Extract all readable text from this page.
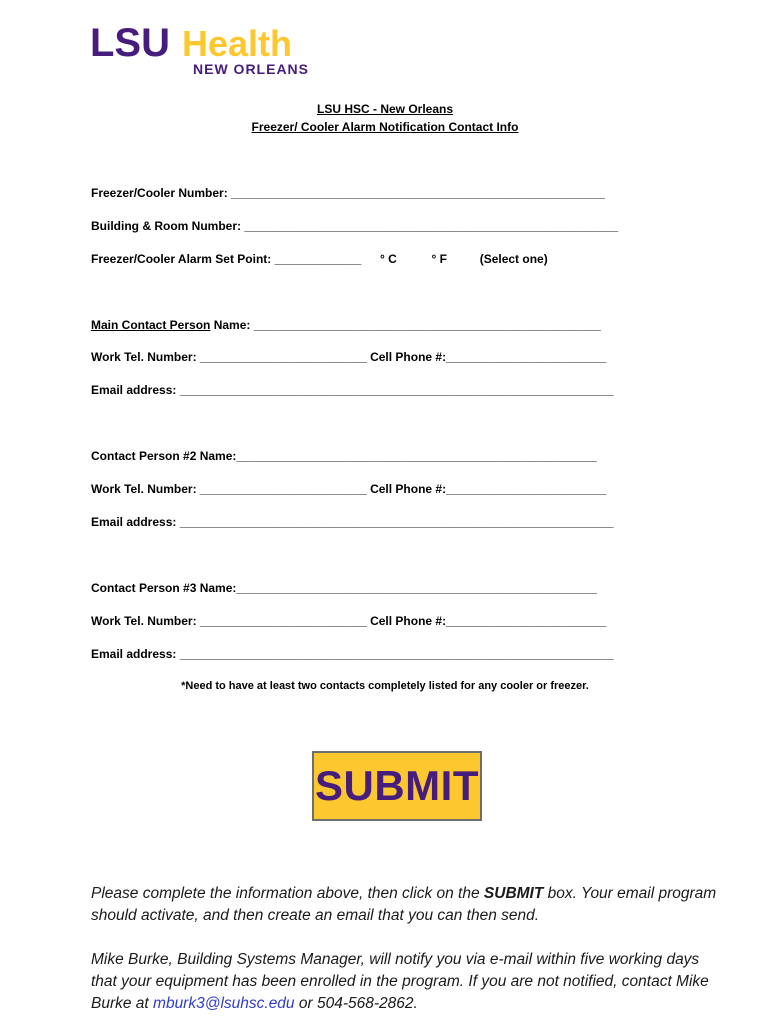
LSU Health
NEW ORLEANS
LSU HSC - New Orleans
Freezer/ Cooler Alarm Notification Contact Info
Freezer/Cooler Number: ________________________________________________________
Building & Room Number: ________________________________________________________
Freezer/Cooler Alarm Set Point: _____________ ° C	° F	(Select one)
Main Contact Person Name: ____________________________________________________
Work Tel. Number: _________________________ Cell Phone #:________________________
Email address: _________________________________________________________________
Contact Person #2 Name:______________________________________________________
Work Tel. Number: _________________________ Cell Phone #:________________________
Email address: _________________________________________________________________
Contact Person #3 Name:______________________________________________________
Work Tel. Number: _________________________ Cell Phone #:________________________
Email address: _________________________________________________________________
*Need to have at least two contacts completely listed for any cooler or freezer.
SUBMIT
Please complete the information above, then click on the SUBMIT box. Your email program should activate, and then create an email that you can then send.
Mike Burke, Building Systems Manager, will notify you via e-mail within five working days that your equipment has been enrolled in the program. If you are not notified, contact Mike Burke at mburk3@lsuhsc.edu or 504-568-2862.
